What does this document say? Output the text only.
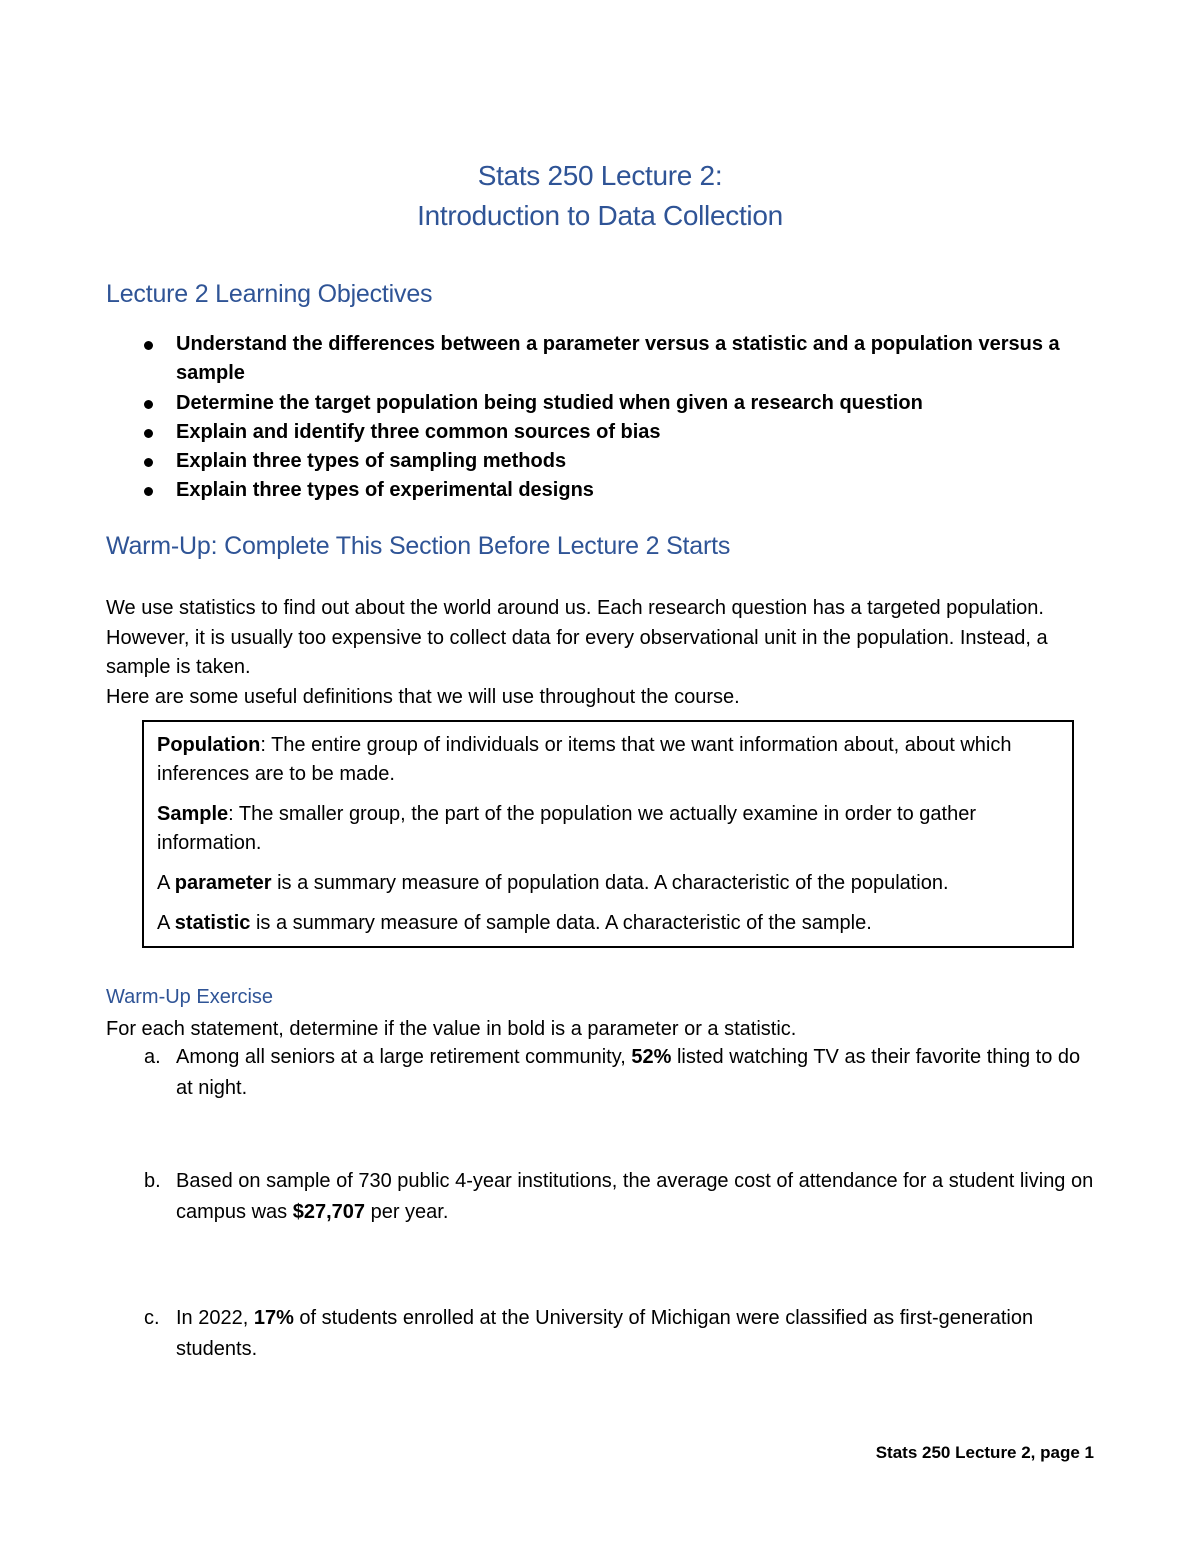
Stats 250 Lecture 2:
Introduction to Data Collection
Lecture 2 Learning Objectives
Understand the differences between a parameter versus a statistic and a population versus a sample
Determine the target population being studied when given a research question
Explain and identify three common sources of bias
Explain three types of sampling methods
Explain three types of experimental designs
Warm-Up: Complete This Section Before Lecture 2 Starts

We use statistics to find out about the world around us. Each research question has a targeted population. However, it is usually too expensive to collect data for every observational unit in the population. Instead, a sample is taken.

Here are some useful definitions that we will use throughout the course.

Population: The entire group of individuals or items that we want information about, about which inferences are to be made.

Sample: The smaller group, the part of the population we actually examine in order to gather information.

A parameter is a summary measure of population data. A characteristic of the population.

A statistic is a summary measure of sample data. A characteristic of the sample.

Warm-Up Exercise
For each statement, determine if the value in bold is a parameter or a statistic.
a. Among all seniors at a large retirement community, 52% listed watching TV as their favorite thing to do at night.
b. Based on sample of 730 public 4-year institutions, the average cost of attendance for a student living on campus was $27,707 per year.
c. In 2022, 17% of students enrolled at the University of Michigan were classified as first-generation students.
Stats 250 Lecture 2, page 1
